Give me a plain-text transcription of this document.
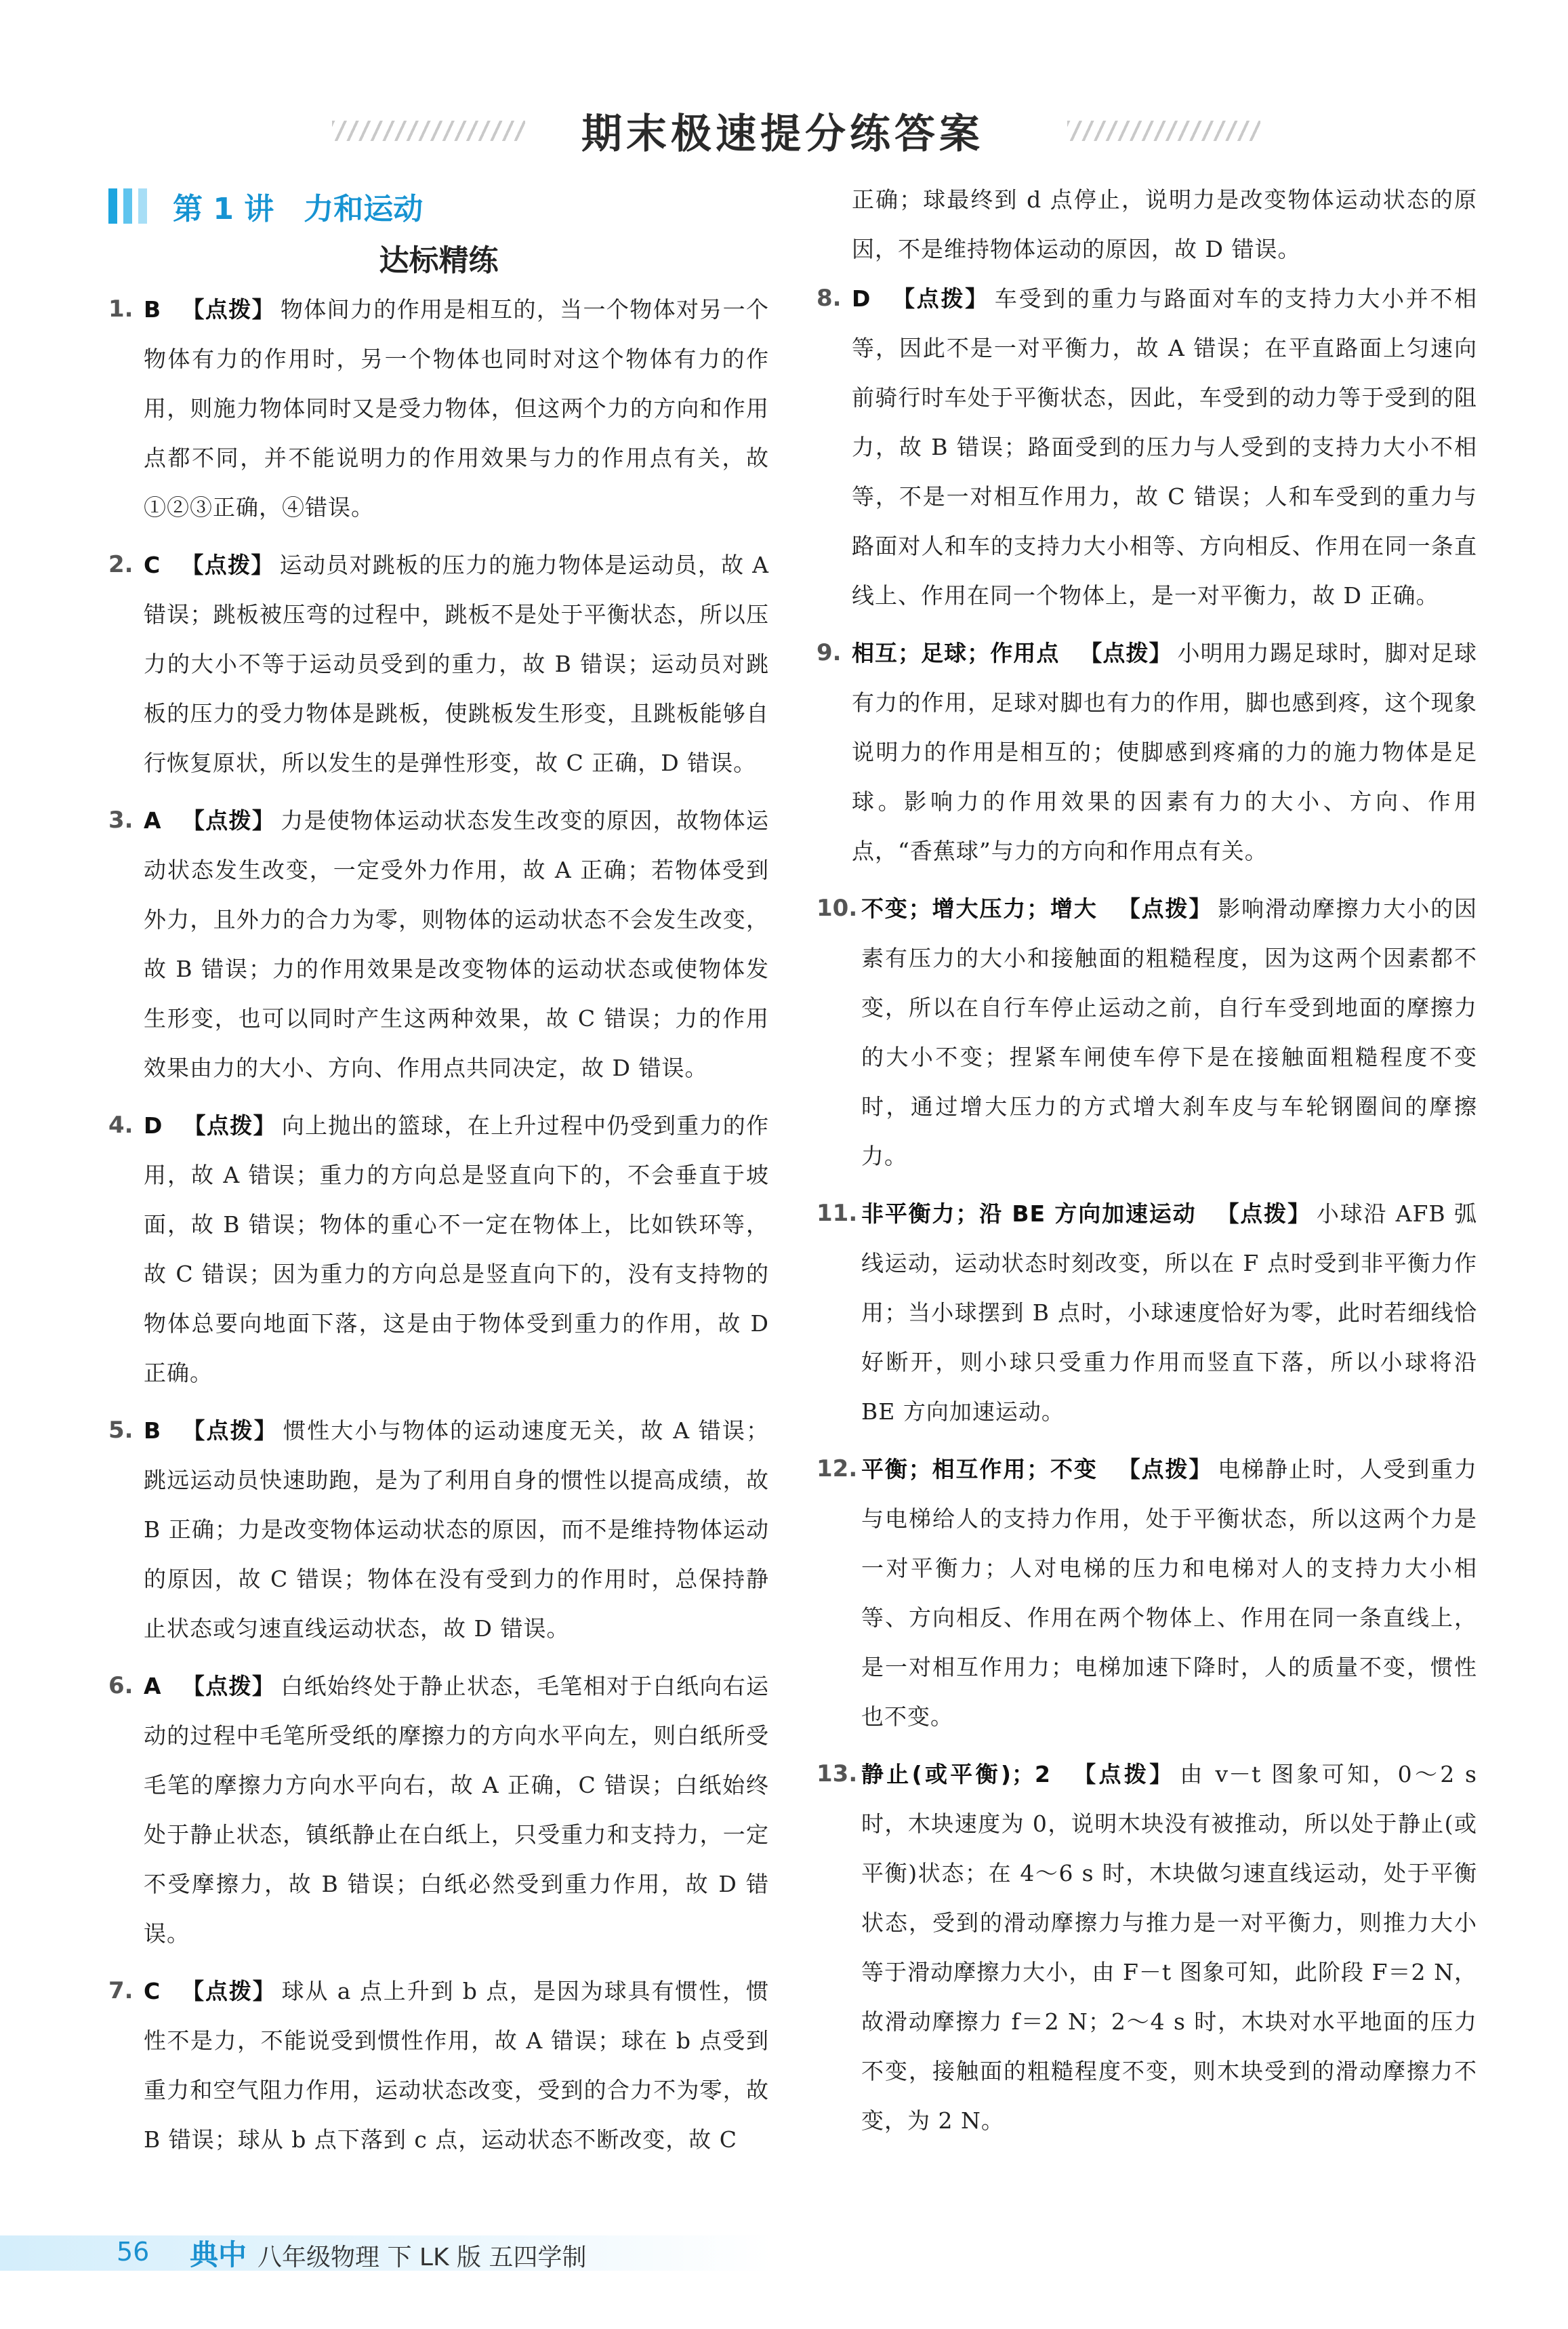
期末极速提分练答案
第 1 讲　力和运动
达标精练
1. B 【点拨】 物体间力的作用是相互的，当一个物体对另一个物体有力的作用时，另一个物体也同时对这个物体有力的作用，则施力物体同时又是受力物体，但这两个力的方向和作用点都不同，并不能说明力的作用效果与力的作用点有关，故①②③正确，④错误。
2. C 【点拨】 运动员对跳板的压力的施力物体是运动员，故 A 错误；跳板被压弯的过程中，跳板不是处于平衡状态，所以压力的大小不等于运动员受到的重力，故 B 错误；运动员对跳板的压力的受力物体是跳板，使跳板发生形变，且跳板能够自行恢复原状，所以发生的是弹性形变，故 C 正确，D 错误。
3. A 【点拨】 力是使物体运动状态发生改变的原因，故物体运动状态发生改变，一定受外力作用，故 A 正确；若物体受到外力，且外力的合力为零，则物体的运动状态不会发生改变，故 B 错误；力的作用效果是改变物体的运动状态或使物体发生形变，也可以同时产生这两种效果，故 C 错误；力的作用效果由力的大小、方向、作用点共同决定，故 D 错误。
4. D 【点拨】 向上抛出的篮球，在上升过程中仍受到重力的作用，故 A 错误；重力的方向总是竖直向下的，不会垂直于坡面，故 B 错误；物体的重心不一定在物体上，比如铁环等，故 C 错误；因为重力的方向总是竖直向下的，没有支持物的物体总要向地面下落，这是由于物体受到重力的作用，故 D 正确。
5. B 【点拨】 惯性大小与物体的运动速度无关，故 A 错误；跳远运动员快速助跑，是为了利用自身的惯性以提高成绩，故 B 正确；力是改变物体运动状态的原因，而不是维持物体运动的原因，故 C 错误；物体在没有受到力的作用时，总保持静止状态或匀速直线运动状态，故 D 错误。
6. A 【点拨】 白纸始终处于静止状态，毛笔相对于白纸向右运动的过程中毛笔所受纸的摩擦力的方向水平向左，则白纸所受毛笔的摩擦力方向水平向右，故 A 正确，C 错误；白纸始终处于静止状态，镇纸静止在白纸上，只受重力和支持力，一定不受摩擦力，故 B 错误；白纸必然受到重力作用，故 D 错误。
7. C 【点拨】 球从 a 点上升到 b 点，是因为球具有惯性，惯性不是力，不能说受到惯性作用，故 A 错误；球在 b 点受到重力和空气阻力作用，运动状态改变，受到的合力不为零，故 B 错误；球从 b 点下落到 c 点，运动状态不断改变，故 C
正确；球最终到 d 点停止，说明力是改变物体运动状态的原因，不是维持物体运动的原因，故 D 错误。
8. D 【点拨】 车受到的重力与路面对车的支持力大小并不相等，因此不是一对平衡力，故 A 错误；在平直路面上匀速向前骑行时车处于平衡状态，因此，车受到的动力等于受到的阻力，故 B 错误；路面受到的压力与人受到的支持力大小不相等，不是一对相互作用力，故 C 错误；人和车受到的重力与路面对人和车的支持力大小相等、方向相反、作用在同一条直线上、作用在同一个物体上，是一对平衡力，故 D 正确。
9. 相互；足球；作用点 【点拨】 小明用力踢足球时，脚对足球有力的作用，足球对脚也有力的作用，脚也感到疼，这个现象说明力的作用是相互的；使脚感到疼痛的力的施力物体是足球。影响力的作用效果的因素有力的大小、方向、作用点，“香蕉球”与力的方向和作用点有关。
10. 不变；增大压力；增大 【点拨】 影响滑动摩擦力大小的因素有压力的大小和接触面的粗糙程度，因为这两个因素都不变，所以在自行车停止运动之前，自行车受到地面的摩擦力的大小不变；捏紧车闸使车停下是在接触面粗糙程度不变时，通过增大压力的方式增大刹车皮与车轮钢圈间的摩擦力。
11. 非平衡力；沿 BE 方向加速运动 【点拨】 小球沿 AFB 弧线运动，运动状态时刻改变，所以在 F 点时受到非平衡力作用；当小球摆到 B 点时，小球速度恰好为零，此时若细线恰好断开，则小球只受重力作用而竖直下落，所以小球将沿 BE 方向加速运动。
12. 平衡；相互作用；不变 【点拨】 电梯静止时，人受到重力与电梯给人的支持力作用，处于平衡状态，所以这两个力是一对平衡力；人对电梯的压力和电梯对人的支持力大小相等、方向相反、作用在两个物体上、作用在同一条直线上，是一对相互作用力；电梯加速下降时，人的质量不变，惯性也不变。
13. 静止(或平衡)；2 【点拨】 由 v－t 图象可知，0～2 s 时，木块速度为 0，说明木块没有被推动，所以处于静止(或平衡)状态；在 4～6 s 时，木块做匀速直线运动，处于平衡状态，受到的滑动摩擦力与推力是一对平衡力，则推力大小等于滑动摩擦力大小，由 F－t 图象可知，此阶段 F＝2 N，故滑动摩擦力 f＝2 N；2～4 s 时，木块对水平地面的压力不变，接触面的粗糙程度不变，则木块受到的滑动摩擦力不变，为 2 N。
56 典中 八年级物理 下 LK 版 五四学制
